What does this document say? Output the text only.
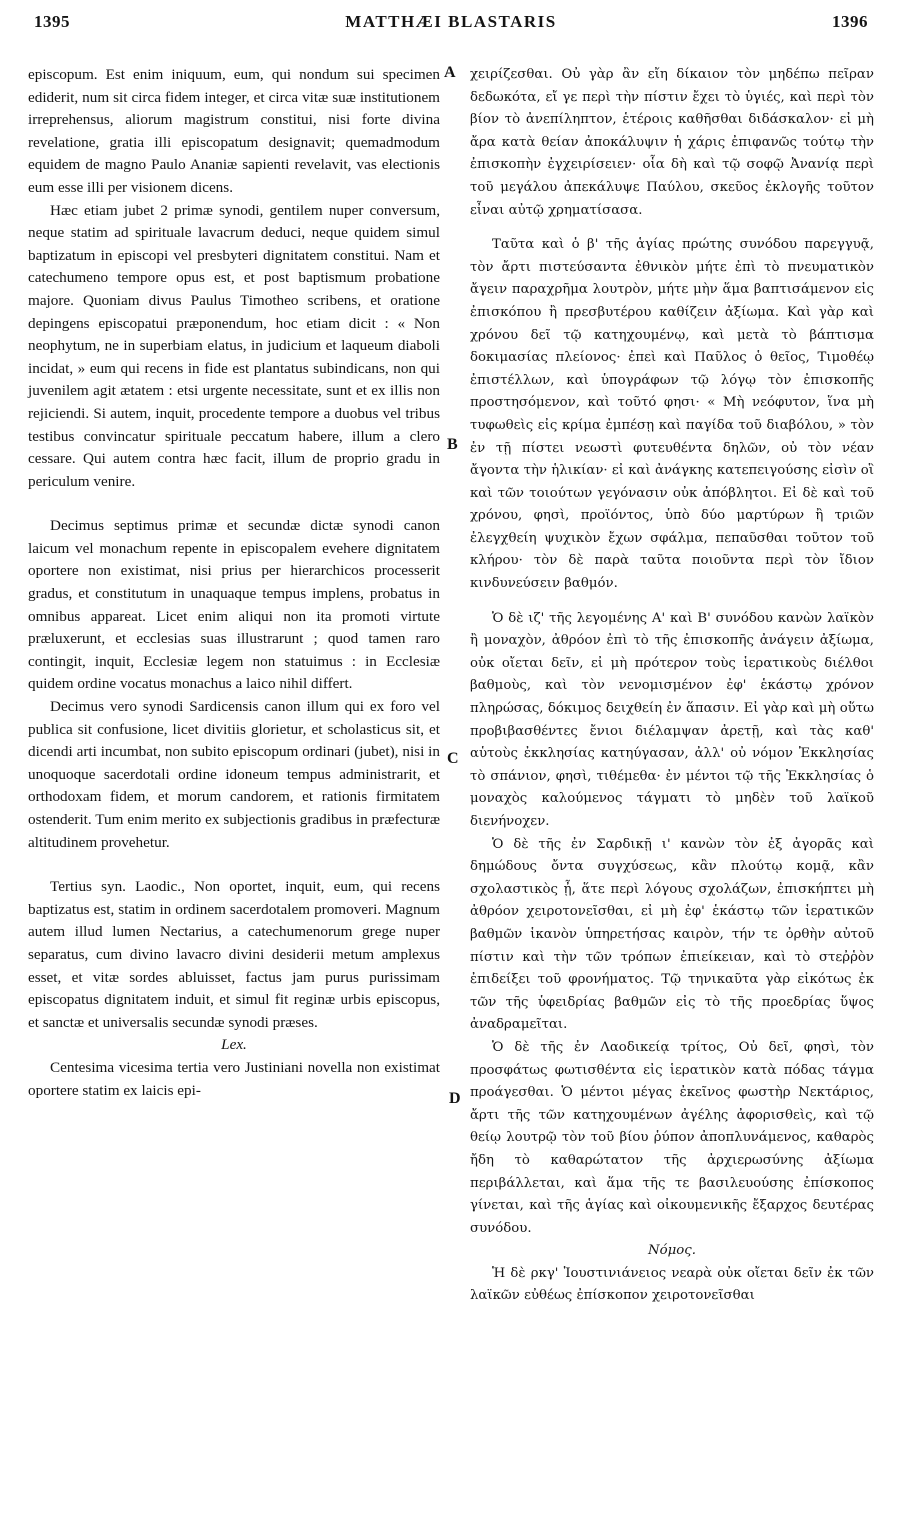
1395	MATTHÆI BLASTARIS	1396

episcopum. Est enim iniquum, eum, qui nondum sui specimen ediderit, num sit circa fidem integer, et circa vitæ suæ institutionem irreprehensus, aliorum magistrum constitui, nisi forte divina revelatione, gratia illi episcopatum designavit; quemadmodum equidem de magno Paulo Ananiæ sapienti revelavit, vas electionis eum esse illi per visionem dicens.

Hæc etiam jubet 2 primæ synodi, gentilem nuper conversum, neque statim ad spirituale lavacrum deduci, neque quidem simul baptizatum in episcopi vel presbyteri dignitatem constitui. Nam et catechumeno tempore opus est, et post baptismum probatione majore. Quoniam divus Paulus Timotheo scribens, et oratione depingens episcopatui præponendum, hoc etiam dicit : « Non neophytum, ne in superbiam elatus, in judicium et laqueum diaboli incidat, » eum qui recens in fide est plantatus subindicans, non qui juvenilem agit ætatem : etsi urgente necessitate, sunt et ex illis non rejiciendi. Si autem, inquit, procedente tempore a duobus vel tribus testibus convincatur spirituale peccatum habere, illum a clero cessare. Qui autem contra hæc facit, illum de proprio gradu in periculum venire.

Decimus septimus primæ et secundæ dictæ synodi canon laicum vel monachum repente in episcopalem evehere dignitatem oportere non existimat, nisi prius per hierarchicos processerit gradus, et constitutum in unaquaque tempus implens, probatus in omnibus appareat. Licet enim aliqui non ita promoti virtute præluxerunt, et ecclesias suas illustrarunt ; quod tamen raro contingit, inquit, Ecclesiæ legem non statuimus : in Ecclesiæ quidem ordine vocatus monachus a laico nihil differt.

Decimus vero synodi Sardicensis canon illum qui ex foro vel publica sit confusione, licet divitiis glorietur, et scholasticus sit, et dicendi arti incumbat, non subito episcopum ordinari (jubet), nisi in unoquoque sacerdotali ordine idoneum tempus administrarit, et orthodoxam fidem, et morum candorem, et rationis firmitatem ostenderit. Tum enim merito ex subjectionis gradibus in præfecturæ altitudinem provehetur.

Tertius syn. Laodic., Non oportet, inquit, eum, qui recens baptizatus est, statim in ordinem sacerdotalem promoveri. Magnum autem illud lumen Nectarius, a catechumenorum grege nuper separatus, cum divino lavacro divini desiderii metum amplexus esset, et vitæ sordes abluisset, factus jam purus purissimam episcopatus dignitatem induit, et simul fit reginæ urbis episcopus, et sanctæ et universalis secundæ synodi præses.

Lex.

Centesima vicesima tertia vero Justiniani novella non existimat oportere statim ex laicis epi-

A
B
C
D

χειρίζεσθαι. Οὐ γὰρ ἂν εἴη δίκαιον τὸν μηδέπω πεῖραν δεδωκότα, εἴ γε περὶ τὴν πίστιν ἔχει τὸ ὑγιές, καὶ περὶ τὸν βίον τὸ ἀνεπίληπτον, ἑτέροις καθῆσθαι διδάσκαλον· εἰ μὴ ἄρα κατὰ θείαν ἀποκάλυψιν ἡ χάρις ἐπιφανῶς τούτῳ τὴν ἐπισκοπὴν ἐγχειρίσειεν· οἷα δὴ καὶ τῷ σοφῷ Ἀνανίᾳ περὶ τοῦ μεγάλου ἀπεκάλυψε Παύλου, σκεῦος ἐκλογῆς τοῦτον εἶναι αὐτῷ χρηματίσασα.

Ταῦτα καὶ ὁ β' τῆς ἁγίας πρώτης συνόδου παρεγγυᾷ, τὸν ἄρτι πιστεύσαντα ἐθνικὸν μήτε ἐπὶ τὸ πνευματικὸν ἄγειν παραχρῆμα λουτρὸν, μήτε μὴν ἅμα βαπτισάμενον εἰς ἐπισκόπου ἢ πρεσβυτέρου καθίζειν ἀξίωμα. Καὶ γὰρ καὶ χρόνου δεῖ τῷ κατηχουμένῳ, καὶ μετὰ τὸ βάπτισμα δοκιμασίας πλείονος· ἐπεὶ καὶ Παῦλος ὁ θεῖος, Τιμοθέῳ ἐπιστέλλων, καὶ ὑπογράφων τῷ λόγῳ τὸν ἐπισκοπῆς προστησόμενον, καὶ τοῦτό φησι· « Μὴ νεόφυτον, ἵνα μὴ τυφωθεὶς εἰς κρίμα ἐμπέσῃ καὶ παγίδα τοῦ διαβόλου, » τὸν ἐν τῇ πίστει νεωστὶ φυτευθέντα δηλῶν, οὐ τὸν νέαν ἄγοντα τὴν ἡλικίαν· εἰ καὶ ἀνάγκης κατεπειγούσης εἰσὶν οἳ καὶ τῶν τοιούτων γεγόνασιν οὐκ ἀπόβλητοι. Εἰ δὲ καὶ τοῦ χρόνου, φησὶ, προϊόντος, ὑπὸ δύο μαρτύρων ἢ τριῶν ἐλεγχθείη ψυχικὸν ἔχων σφάλμα, πεπαῦσθαι τοῦτον τοῦ κλήρου· τὸν δὲ παρὰ ταῦτα ποιοῦντα περὶ τὸν ἴδιον κινδυνεύσειν βαθμόν.

Ὁ δὲ ιζ' τῆς λεγομένης Α' καὶ Β' συνόδου κανὼν λαϊκὸν ἢ μοναχὸν, ἀθρόον ἐπὶ τὸ τῆς ἐπισκοπῆς ἀνάγειν ἀξίωμα, οὐκ οἴεται δεῖν, εἰ μὴ πρότερον τοὺς ἱερατικοὺς διέλθοι βαθμοὺς, καὶ τὸν νενομισμένον ἐφ' ἑκάστῳ χρόνον πληρώσας, δόκιμος δειχθείη ἐν ἅπασιν. Εἰ γὰρ καὶ μὴ οὕτω προβιβασθέντες ἔνιοι διέλαμψαν ἀρετῇ, καὶ τὰς καθ' αὑτοὺς ἐκκλησίας κατηύγασαν, ἀλλ' οὐ νόμον Ἐκκλησίας τὸ σπάνιον, φησὶ, τιθέμεθα· ἐν μέντοι τῷ τῆς Ἐκκλησίας ὁ μοναχὸς καλούμενος τάγματι τὸ μηδὲν τοῦ λαϊκοῦ διενήνοχεν.

Ὁ δὲ τῆς ἐν Σαρδικῇ ι' κανὼν τὸν ἐξ ἀγορᾶς καὶ δημώδους ὄντα συγχύσεως, κἂν πλούτῳ κομᾷ, κἂν σχολαστικὸς ᾖ, ἅτε περὶ λόγους σχολάζων, ἐπισκήπτει μὴ ἀθρόον χειροτονεῖσθαι, εἰ μὴ ἐφ' ἑκάστῳ τῶν ἱερατικῶν βαθμῶν ἱκανὸν ὑπηρετήσας καιρὸν, τήν τε ὀρθὴν αὐτοῦ πίστιν καὶ τὴν τῶν τρόπων ἐπιείκειαν, καὶ τὸ στεῤῥὸν ἐπιδείξει τοῦ φρονήματος. Τῷ τηνικαῦτα γὰρ εἰκότως ἐκ τῶν τῆς ὑφειδρίας βαθμῶν εἰς τὸ τῆς προεδρίας ὕψος ἀναδραμεῖται.

Ὁ δὲ τῆς ἐν Λαοδικείᾳ τρίτος, Οὐ δεῖ, φησὶ, τὸν προσφάτως φωτισθέντα εἰς ἱερατικὸν κατὰ πόδας τάγμα προάγεσθαι. Ὁ μέντοι μέγας ἐκεῖνος φωστὴρ Νεκτάριος, ἄρτι τῆς τῶν κατηχουμένων ἀγέλης ἀφορισθεὶς, καὶ τῷ θείῳ λουτρῷ τὸν τοῦ βίου ῥύπον ἀποπλυνάμενος, καθαρὸς ἤδη τὸ καθαρώτατον τῆς ἀρχιερωσύνης ἀξίωμα περιβάλλεται, καὶ ἅμα τῆς τε βασιλευούσης ἐπίσκοπος γίνεται, καὶ τῆς ἁγίας καὶ οἰκουμενικῆς ἔξαρχος δευτέρας συνόδου.

Νόμος.

Ἡ δὲ ρκγ' Ἰουστινιάνειος νεαρὰ οὐκ οἴεται δεῖν ἐκ τῶν λαϊκῶν εὐθέως ἐπίσκοπον χειροτονεῖσθαι
